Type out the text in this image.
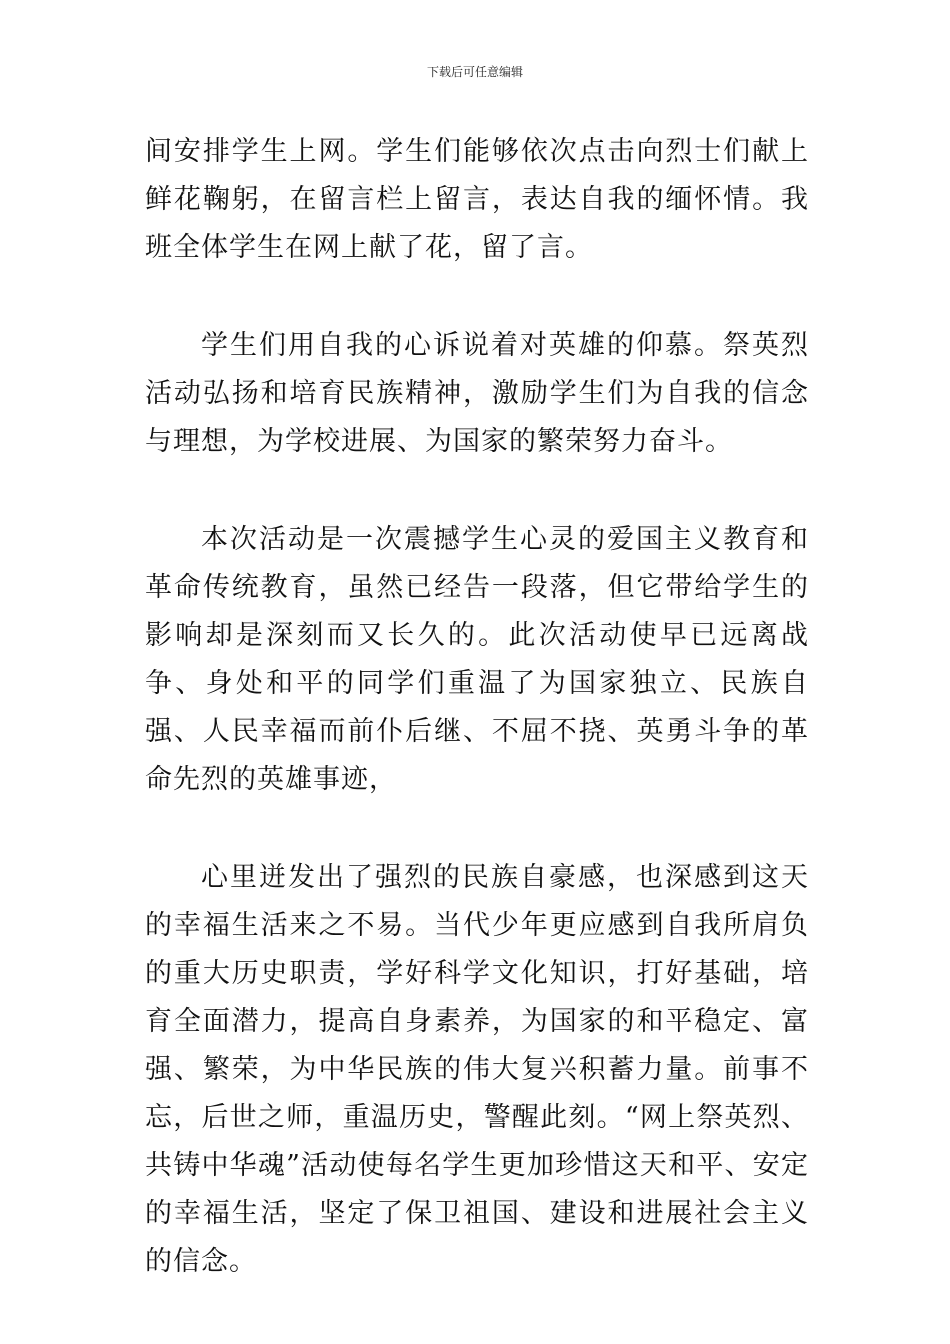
下载后可任意编辑

间安排学生上网。学生们能够依次点击向烈士们献上鲜花鞠躬，在留言栏上留言，表达自我的缅怀情。我班全体学生在网上献了花，留了言。

学生们用自我的心诉说着对英雄的仰慕。祭英烈活动弘扬和培育民族精神，激励学生们为自我的信念与理想，为学校进展、为国家的繁荣努力奋斗。

本次活动是一次震撼学生心灵的爱国主义教育和革命传统教育，虽然已经告一段落，但它带给学生的影响却是深刻而又长久的。此次活动使早已远离战争、身处和平的同学们重温了为国家独立、民族自强、人民幸福而前仆后继、不屈不挠、英勇斗争的革命先烈的英雄事迹，

心里迸发出了强烈的民族自豪感，也深感到这天的幸福生活来之不易。当代少年更应感到自我所肩负的重大历史职责，学好科学文化知识，打好基础，培育全面潜力，提高自身素养，为国家的和平稳定、富强、繁荣，为中华民族的伟大复兴积蓄力量。前事不忘，后世之师，重温历史，警醒此刻。“网上祭英烈、共铸中华魂”活动使每名学生更加珍惜这天和平、安定的幸福生活，坚定了保卫祖国、建设和进展社会主义的信念。
